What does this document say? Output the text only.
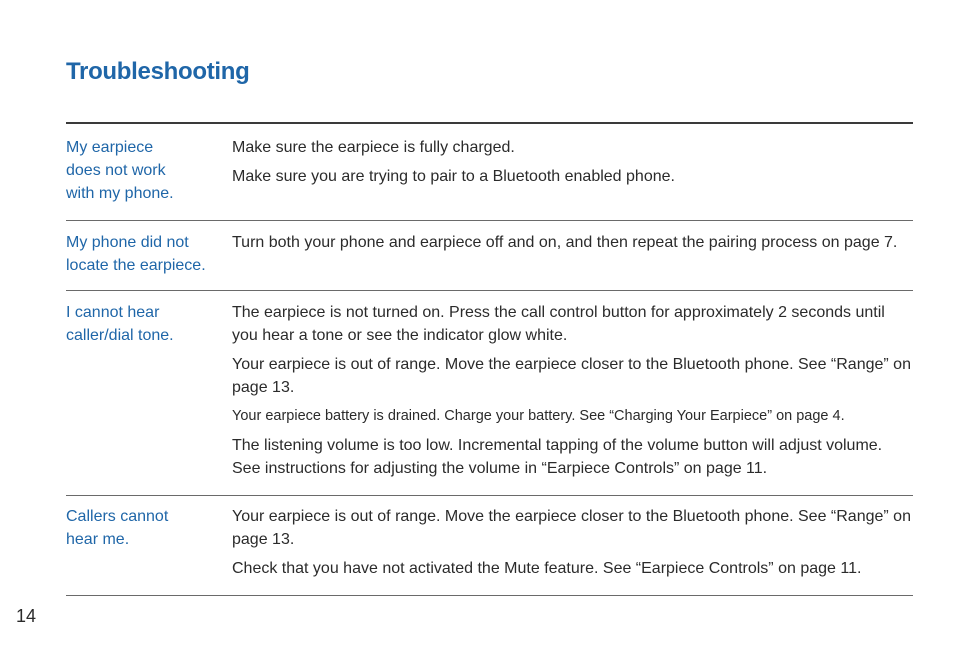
Troubleshooting
My earpiece
does not work
with my phone.

Make sure the earpiece is fully charged.

Make sure you are trying to pair to a Bluetooth enabled phone.

My phone did not
locate the earpiece.

Turn both your phone and earpiece off and on, and then repeat the pairing process on page 7.

I cannot hear
caller/dial tone.

The earpiece is not turned on. Press the call control button for approximately 2 seconds until you hear a tone or see the indicator glow white.

Your earpiece is out of range. Move the earpiece closer to the Bluetooth phone. See “Range” on page 13.

Your earpiece battery is drained. Charge your battery. See “Charging Your Earpiece” on page 4.

The listening volume is too low. Incremental tapping of the volume button will adjust volume. See instructions for adjusting the volume in “Earpiece Controls” on page 11.

Callers cannot
hear me.

Your earpiece is out of range. Move the earpiece closer to the Bluetooth phone. See “Range” on page 13.

Check that you have not activated the Mute feature. See “Earpiece Controls” on page 11.

14
